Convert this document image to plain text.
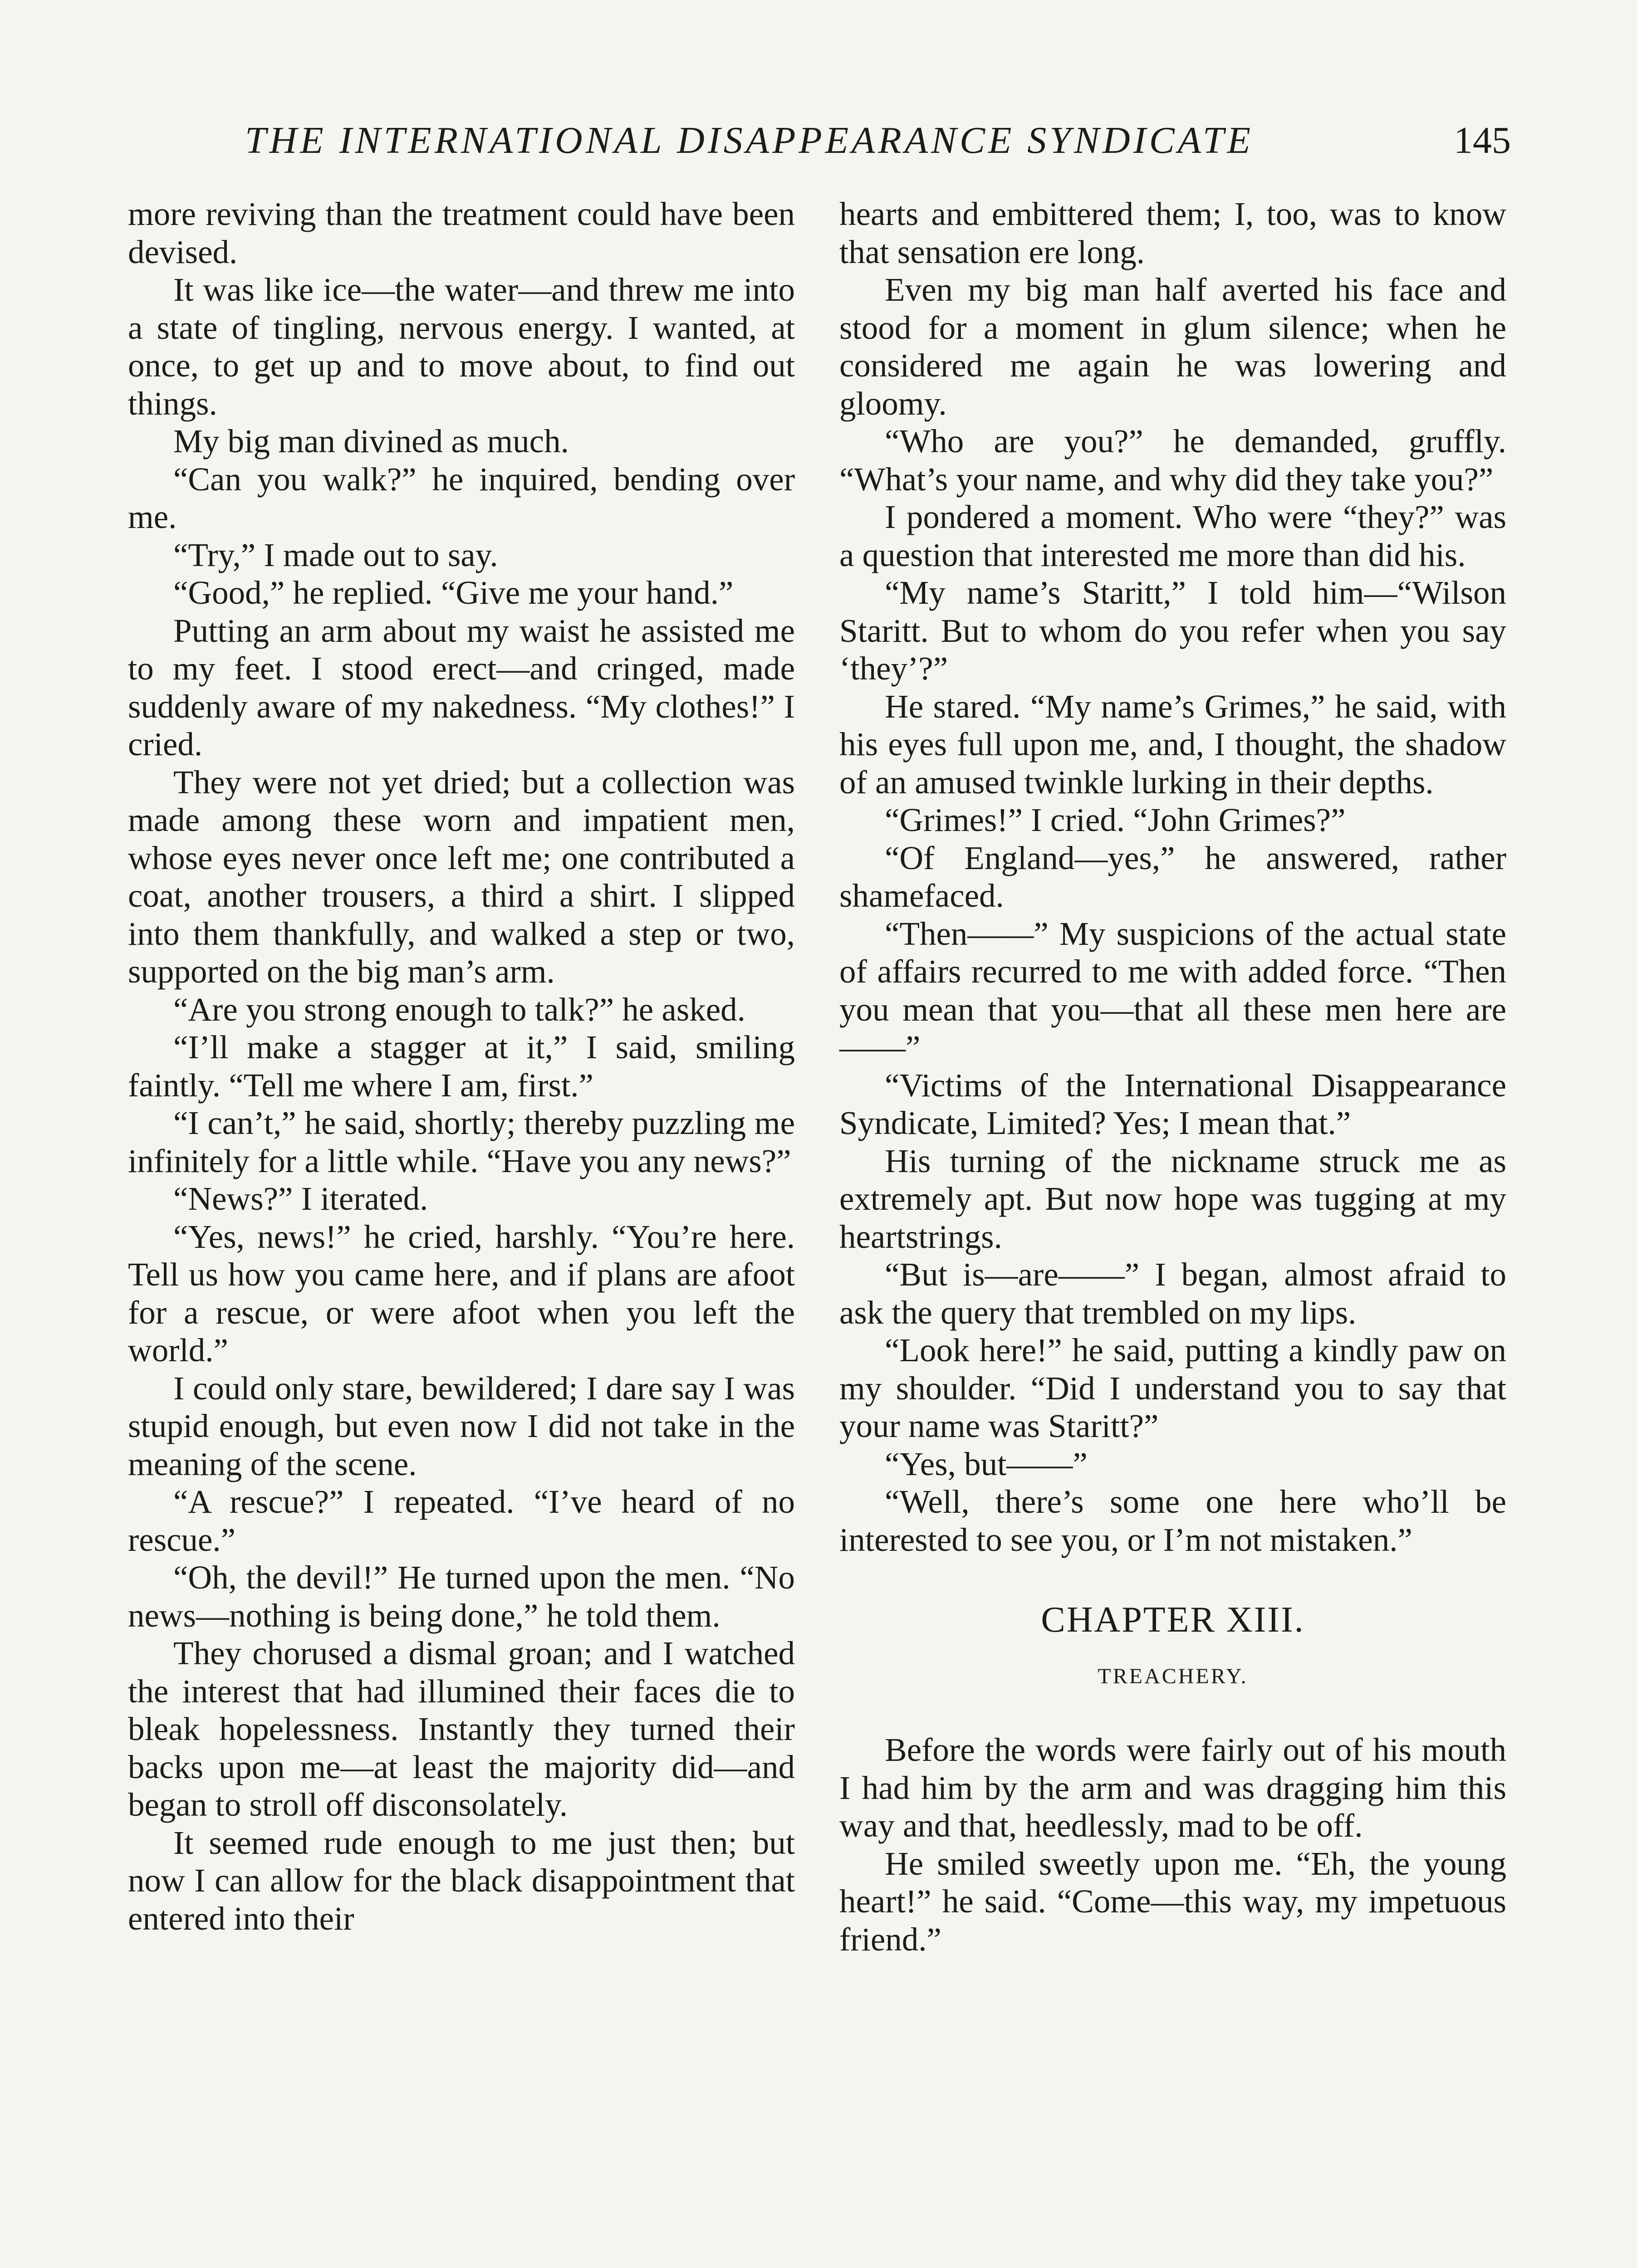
THE INTERNATIONAL DISAPPEARANCE SYNDICATE	145

more reviving than the treatment could have been devised.

It was like ice—the water—and threw me into a state of tingling, nervous energy. I wanted, at once, to get up and to move about, to find out things.

My big man divined as much.

“Can you walk?” he inquired, bending over me.

“Try,” I made out to say.

“Good,” he replied. “Give me your hand.”

Putting an arm about my waist he assisted me to my feet. I stood erect—and cringed, made suddenly aware of my nakedness. “My clothes!” I cried.

They were not yet dried; but a collection was made among these worn and impatient men, whose eyes never once left me; one contributed a coat, another trousers, a third a shirt. I slipped into them thankfully, and walked a step or two, supported on the big man’s arm.

“Are you strong enough to talk?” he asked.

“I’ll make a stagger at it,” I said, smiling faintly. “Tell me where I am, first.”

“I can’t,” he said, shortly; thereby puzzling me infinitely for a little while. “Have you any news?”

“News?” I iterated.

“Yes, news!” he cried, harshly. “You’re here. Tell us how you came here, and if plans are afoot for a rescue, or were afoot when you left the world.”

I could only stare, bewildered; I dare say I was stupid enough, but even now I did not take in the meaning of the scene.

“A rescue?” I repeated. “I’ve heard of no rescue.”

“Oh, the devil!” He turned upon the men. “No news—nothing is being done,” he told them.

They chorused a dismal groan; and I watched the interest that had illumined their faces die to bleak hopelessness. Instantly they turned their backs upon me—at least the majority did—and began to stroll off disconsolately.

It seemed rude enough to me just then; but now I can allow for the black disappointment that entered into their

hearts and embittered them; I, too, was to know that sensation ere long.

Even my big man half averted his face and stood for a moment in glum silence; when he considered me again he was lowering and gloomy.

“Who are you?” he demanded, gruffly. “What’s your name, and why did they take you?”

I pondered a moment. Who were “they?” was a question that interested me more than did his.

“My name’s Staritt,” I told him—“Wilson Staritt. But to whom do you refer when you say ‘they’?”

He stared. “My name’s Grimes,” he said, with his eyes full upon me, and, I thought, the shadow of an amused twinkle lurking in their depths.

“Grimes!” I cried. “John Grimes?”

“Of England—yes,” he answered, rather shamefaced.

“Then——” My suspicions of the actual state of affairs recurred to me with added force. “Then you mean that you—that all these men here are ——”

“Victims of the International Disappearance Syndicate, Limited? Yes; I mean that.”

His turning of the nickname struck me as extremely apt. But now hope was tugging at my heartstrings.

“But is—are——” I began, almost afraid to ask the query that trembled on my lips.

“Look here!” he said, putting a kindly paw on my shoulder. “Did I understand you to say that your name was Staritt?”

“Yes, but——”

“Well, there’s some one here who’ll be interested to see you, or I’m not mistaken.”

CHAPTER XIII.
TREACHERY.

Before the words were fairly out of his mouth I had him by the arm and was dragging him this way and that, heedlessly, mad to be off.

He smiled sweetly upon me. “Eh, the young heart!” he said. “Come—this way, my impetuous friend.”
